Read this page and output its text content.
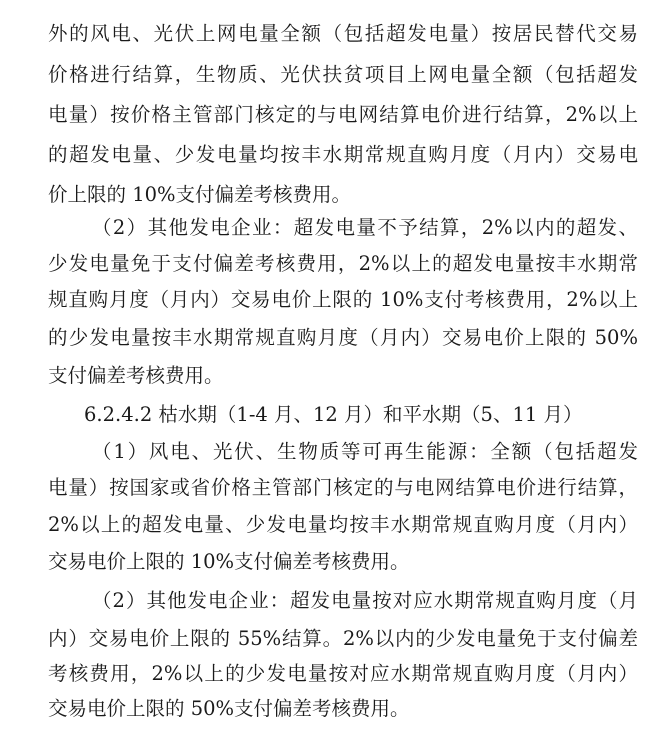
外的风电、光伏上网电量全额（包括超发电量）按居民替代交易
价格进行结算，生物质、光伏扶贫项目上网电量全额（包括超发
电量）按价格主管部门核定的与电网结算电价进行结算，2%以上
的超发电量、少发电量均按丰水期常规直购月度（月内）交易电
价上限的 10%支付偏差考核费用。
（2）其他发电企业：超发电量不予结算，2%以内的超发、
少发电量免于支付偏差考核费用，2%以上的超发电量按丰水期常
规直购月度（月内）交易电价上限的 10%支付考核费用，2%以上
的少发电量按丰水期常规直购月度（月内）交易电价上限的 50%
支付偏差考核费用。
6.2.4.2 枯水期（1-4 月、12 月）和平水期（5、11 月）
（1）风电、光伏、生物质等可再生能源：全额（包括超发
电量）按国家或省价格主管部门核定的与电网结算电价进行结算，
2%以上的超发电量、少发电量均按丰水期常规直购月度（月内）
交易电价上限的 10%支付偏差考核费用。
（2）其他发电企业：超发电量按对应水期常规直购月度（月
内）交易电价上限的 55%结算。2%以内的少发电量免于支付偏差
考核费用，2%以上的少发电量按对应水期常规直购月度（月内）
交易电价上限的 50%支付偏差考核费用。
